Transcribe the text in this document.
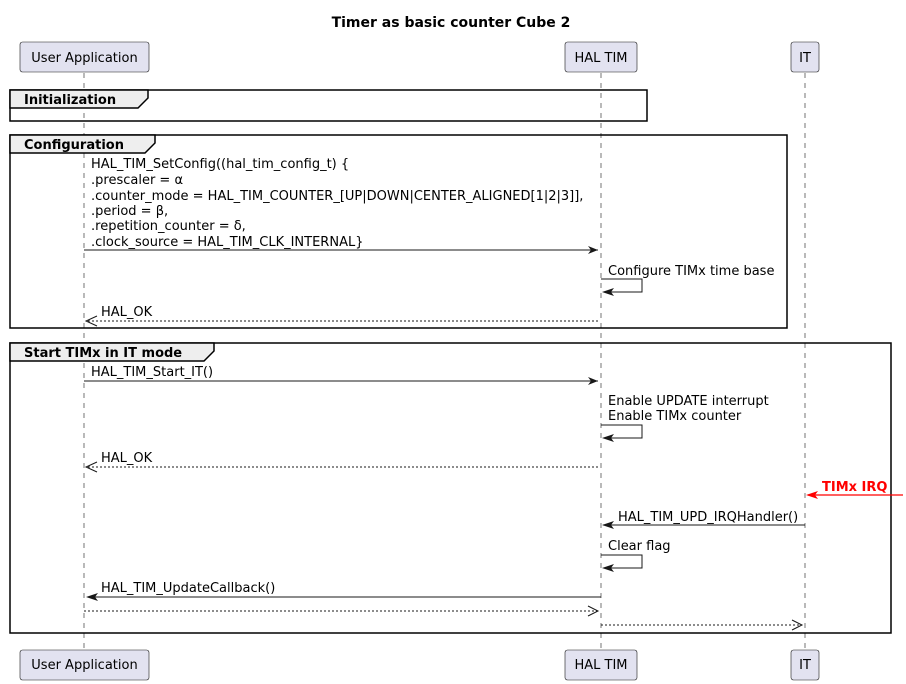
Timer as basic counter Cube 2
User Application	HAL TIM	IT
Initialization
Configuration
HAL_TIM_SetConfig((hal_tim_config_t) {
.prescaler = α
.counter_mode = HAL_TIM_COUNTER_[UP|DOWN|CENTER_ALIGNED[1|2|3]],
.period = β,
.repetition_counter = δ,
.clock_source = HAL_TIM_CLK_INTERNAL}
Configure TIMx time base
HAL_OK
Start TIMx in IT mode
HAL_TIM_Start_IT()
Enable UPDATE interrupt
Enable TIMx counter
HAL_OK
TIMx IRQ
HAL_TIM_UPD_IRQHandler()
Clear flag
HAL_TIM_UpdateCallback()
User Application	HAL TIM	IT
